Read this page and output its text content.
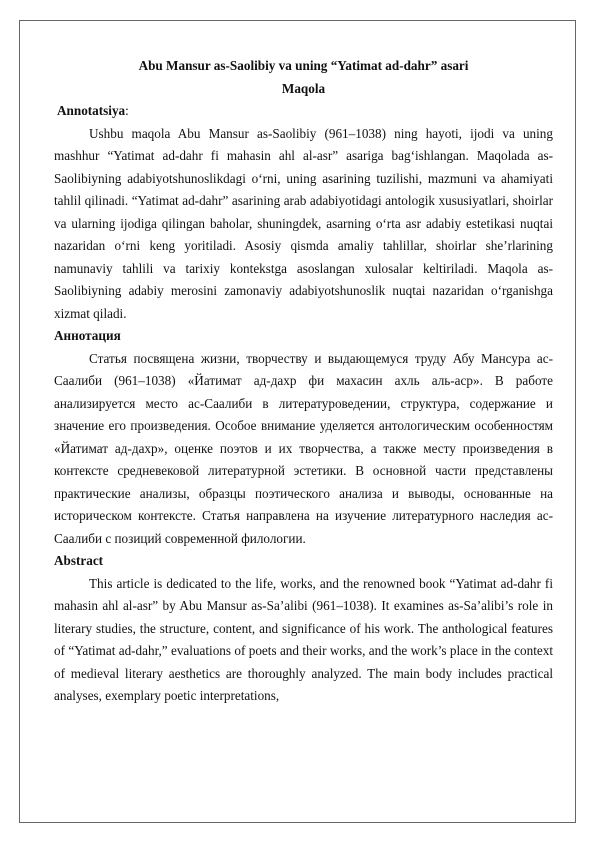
Abu Mansur as-Saolibiy va uning “Yatimat ad-dahr” asari

Maqola

Annotatsiya:

Ushbu maqola Abu Mansur as-Saolibiy (961–1038) ning hayoti, ijodi va uning mashhur “Yatimat ad-dahr fi mahasin ahl al-asr” asariga bag‘ishlangan. Maqolada as-Saolibiyning adabiyotshunoslikdagi o‘rni, uning asarining tuzilishi, mazmuni va ahamiyati tahlil qilinadi. “Yatimat ad-dahr” asarining arab adabiyotidagi antologik xususiyatlari, shoirlar va ularning ijodiga qilingan baholar, shuningdek, asarning o‘rta asr adabiy estetikasi nuqtai nazaridan o‘rni keng yoritiladi. Asosiy qismda amaliy tahlillar, shoirlar she’rlarining namunaviy tahlili va tarixiy kontekstga asoslangan xulosalar keltiriladi. Maqola as-Saolibiyning adabiy merosini zamonaviy adabiyotshunoslik nuqtai nazaridan o‘rganishga xizmat qiladi.

Аннотация

Статья посвящена жизни, творчеству и выдающемуся труду Абу Мансура ас-Саалиби (961–1038) «Йатимат ад-дахр фи махасин ахль аль-аср». В работе анализируется место ас-Саалиби в литературоведении, структура, содержание и значение его произведения. Особое внимание уделяется антологическим особенностям «Йатимат ад-дахр», оценке поэтов и их творчества, а также месту произведения в контексте средневековой литературной эстетики. В основной части представлены практические анализы, образцы поэтического анализа и выводы, основанные на историческом контексте. Статья направлена на изучение литературного наследия ас-Саалиби с позиций современной филологии.

Abstract

This article is dedicated to the life, works, and the renowned book “Yatimat ad-dahr fi mahasin ahl al-asr” by Abu Mansur as-Sa’alibi (961–1038). It examines as-Sa’alibi’s role in literary studies, the structure, content, and significance of his work. The anthological features of “Yatimat ad-dahr,” evaluations of poets and their works, and the work’s place in the context of medieval literary aesthetics are thoroughly analyzed. The main body includes practical analyses, exemplary poetic interpretations,
